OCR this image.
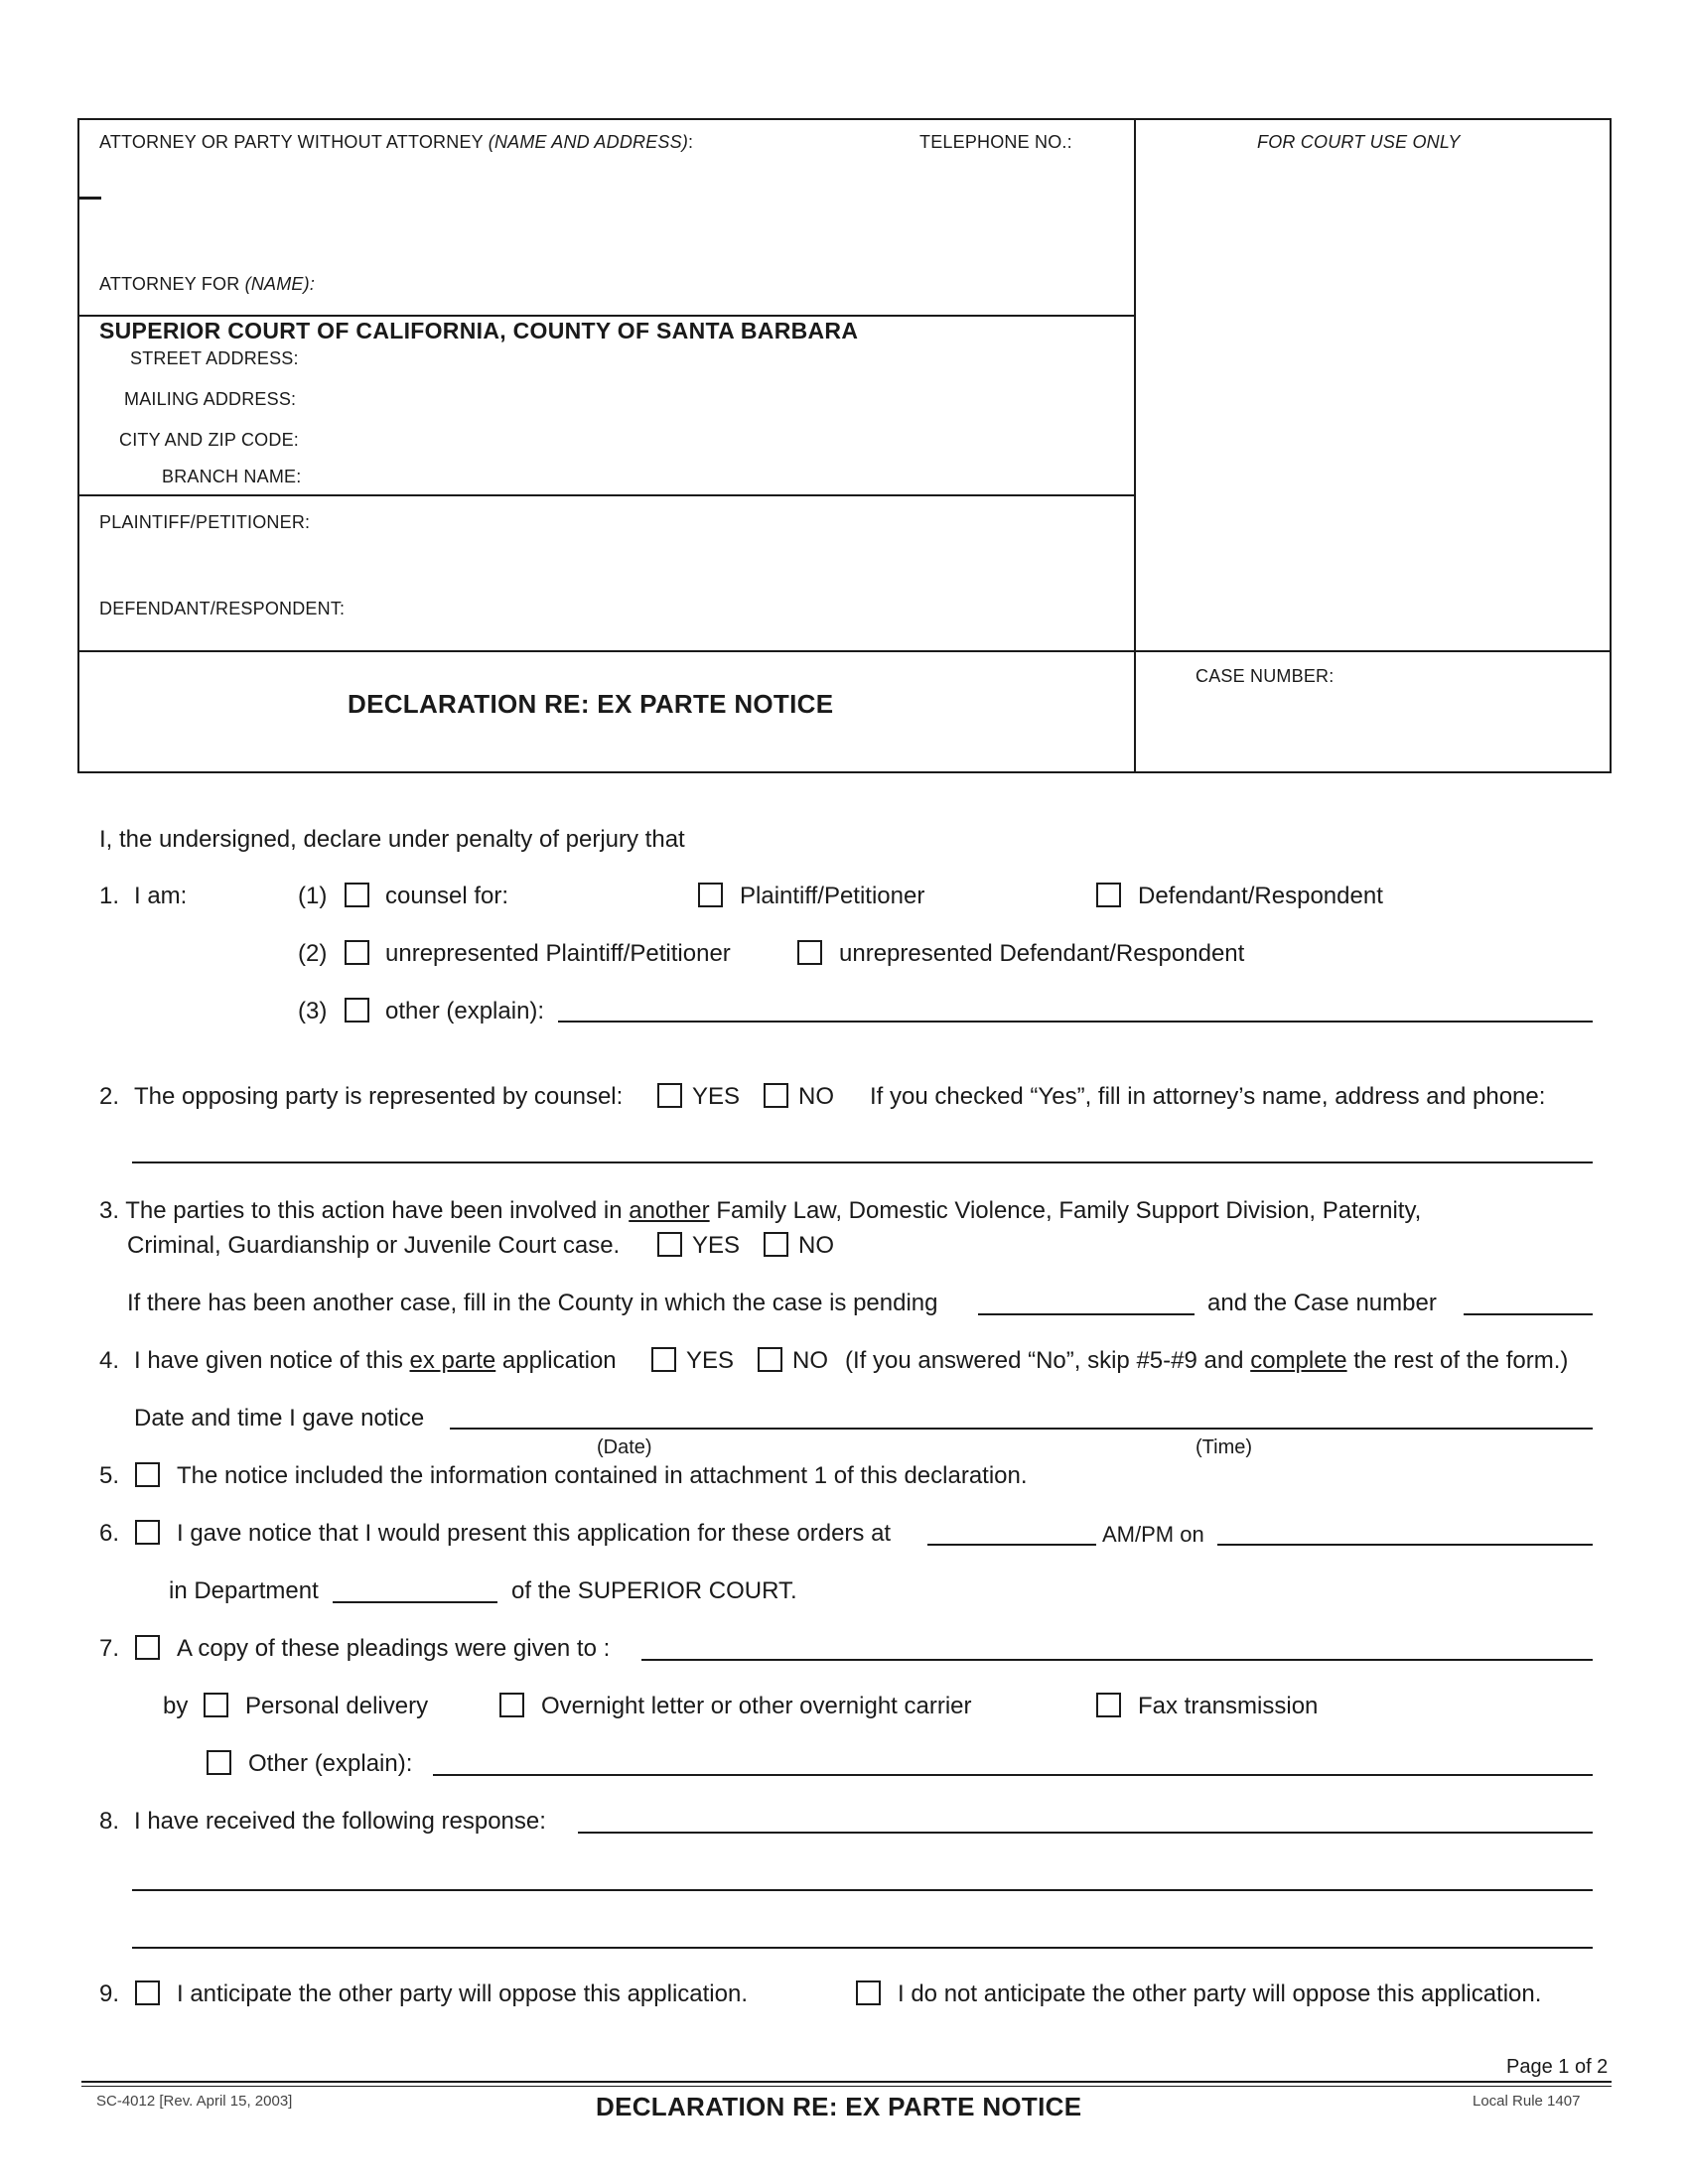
ATTORNEY OR PARTY WITHOUT ATTORNEY (NAME AND ADDRESS):	TELEPHONE NO.:	FOR COURT USE ONLY
ATTORNEY FOR (NAME):
SUPERIOR COURT OF CALIFORNIA, COUNTY OF SANTA BARBARA
STREET ADDRESS:
MAILING ADDRESS:
CITY AND ZIP CODE:
BRANCH NAME:
PLAINTIFF/PETITIONER:
DEFENDANT/RESPONDENT:
DECLARATION RE: EX PARTE NOTICE
CASE NUMBER:
I, the undersigned, declare under penalty of perjury that
1. I am:	(1) counsel for:	Plaintiff/Petitioner	Defendant/Respondent
(2) unrepresented Plaintiff/Petitioner	unrepresented Defendant/Respondent
(3) other (explain):
2. The opposing party is represented by counsel:	YES NO If you checked “Yes”, fill in attorney’s name, address and phone:
3. The parties to this action have been involved in another Family Law, Domestic Violence, Family Support Division, Paternity,
Criminal, Guardianship or Juvenile Court case.	YES NO
If there has been another case, fill in the County in which the case is pending	and the Case number
4. I have given notice of this ex parte application	YES NO (If you answered “No”, skip #5-#9 and complete the rest of the form.)
Date and time I gave notice
(Date)	(Time)
5. The notice included the information contained in attachment 1 of this declaration.
6. I gave notice that I would present this application for these orders at	AM/PM on
in Department	of the SUPERIOR COURT.
7. A copy of these pleadings were given to :
by Personal delivery	Overnight letter or other overnight carrier	Fax transmission
Other (explain):
8. I have received the following response:
9. I anticipate the other party will oppose this application.	I do not anticipate the other party will oppose this application.
Page 1 of 2
SC-4012 [Rev. April 15, 2003]	DECLARATION RE: EX PARTE NOTICE	Local Rule 1407
